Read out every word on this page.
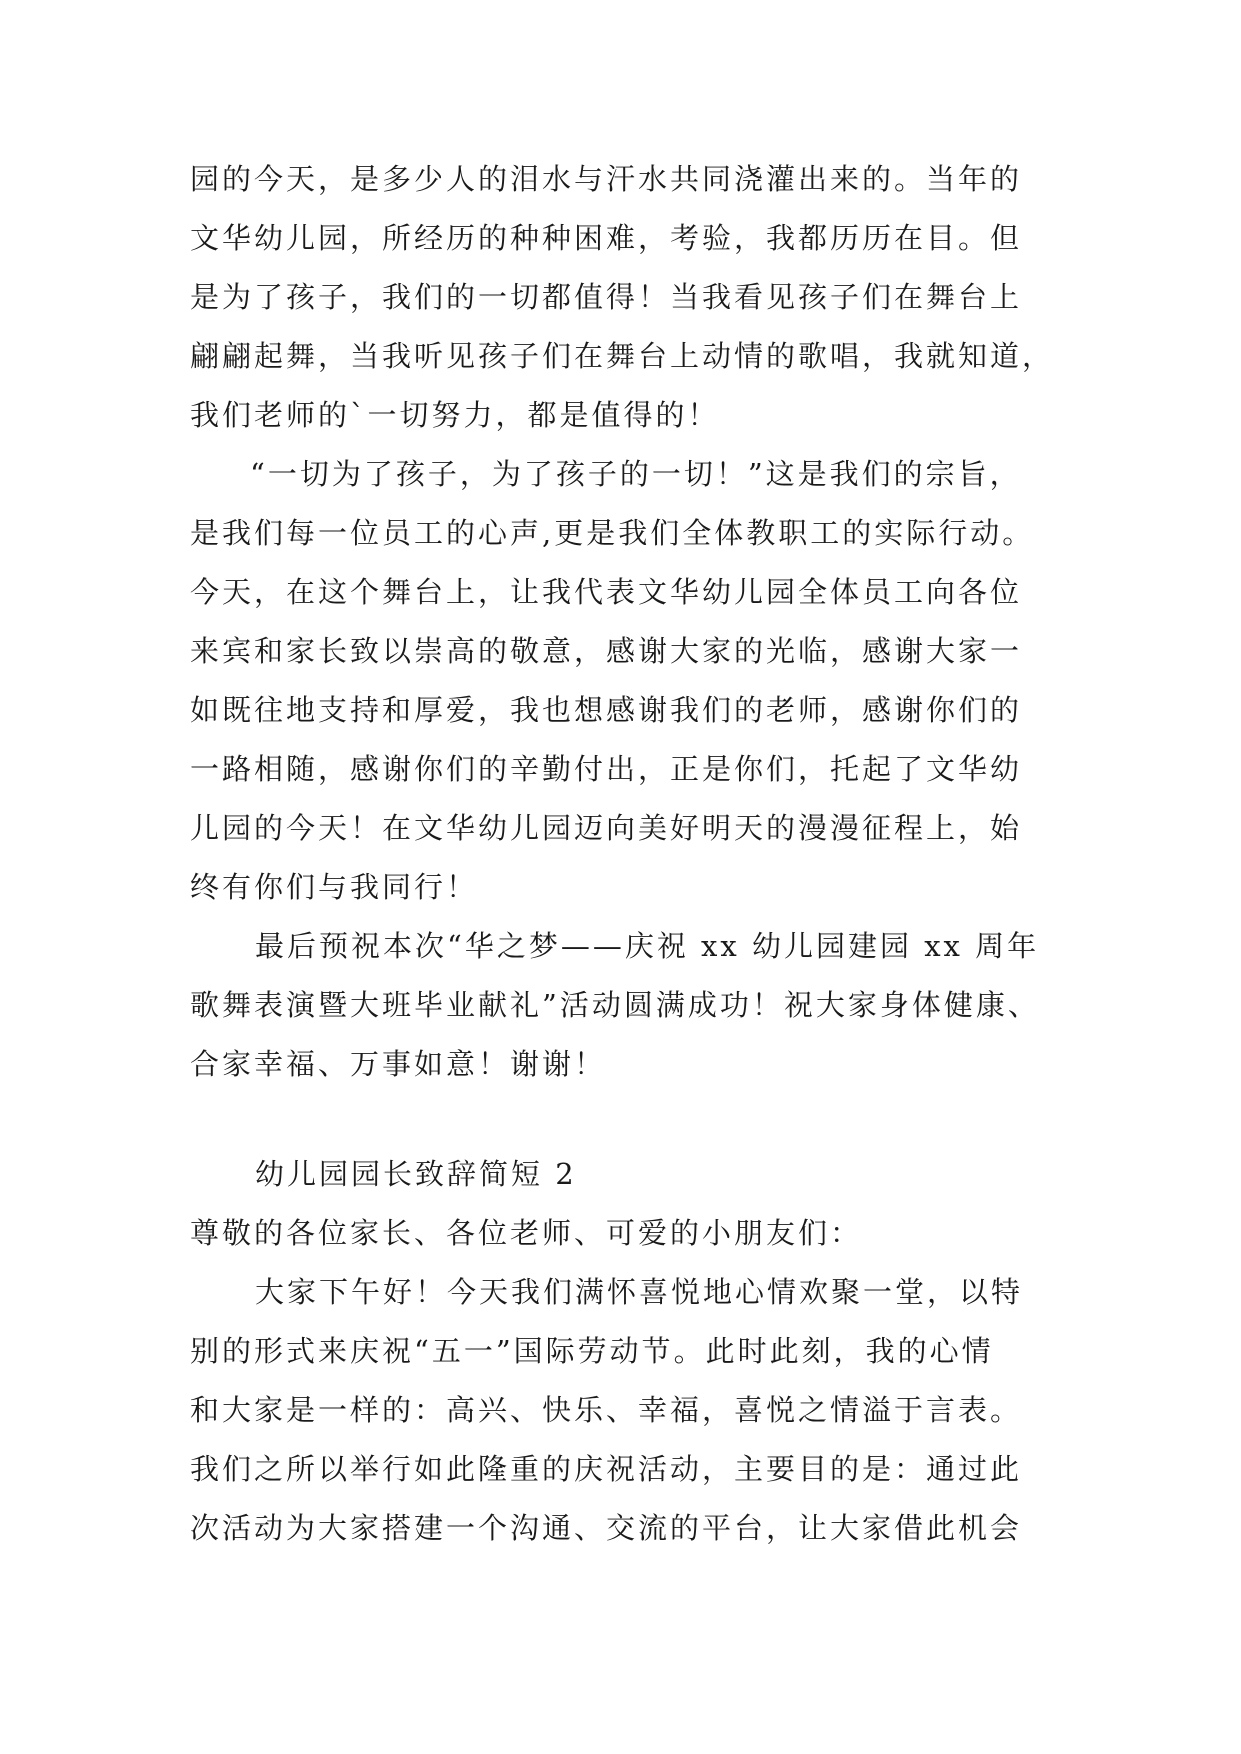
园的今天，是多少人的泪水与汗水共同浇灌出来的。当年的
文华幼儿园，所经历的种种困难，考验，我都历历在目。但
是为了孩子，我们的一切都值得！当我看见孩子们在舞台上
翩翩起舞，当我听见孩子们在舞台上动情的歌唱，我就知道，
我们老师的`一切努力，都是值得的！
“一切为了孩子，为了孩子的一切！”这是我们的宗旨，
是我们每一位员工的心声,更是我们全体教职工的实际行动。
今天，在这个舞台上，让我代表文华幼儿园全体员工向各位
来宾和家长致以崇高的敬意，感谢大家的光临，感谢大家一
如既往地支持和厚爱，我也想感谢我们的老师，感谢你们的
一路相随，感谢你们的辛勤付出，正是你们，托起了文华幼
儿园的今天！在文华幼儿园迈向美好明天的漫漫征程上，始
终有你们与我同行！
最后预祝本次“华之梦——庆祝 xx 幼儿园建园 xx 周年
歌舞表演暨大班毕业献礼”活动圆满成功！祝大家身体健康、
合家幸福、万事如意！谢谢！
幼儿园园长致辞简短 2
尊敬的各位家长、各位老师、可爱的小朋友们：
大家下午好！今天我们满怀喜悦地心情欢聚一堂，以特
别的形式来庆祝“五一”国际劳动节。此时此刻，我的心情
和大家是一样的：高兴、快乐、幸福，喜悦之情溢于言表。
我们之所以举行如此隆重的庆祝活动，主要目的是：通过此
次活动为大家搭建一个沟通、交流的平台，让大家借此机会
